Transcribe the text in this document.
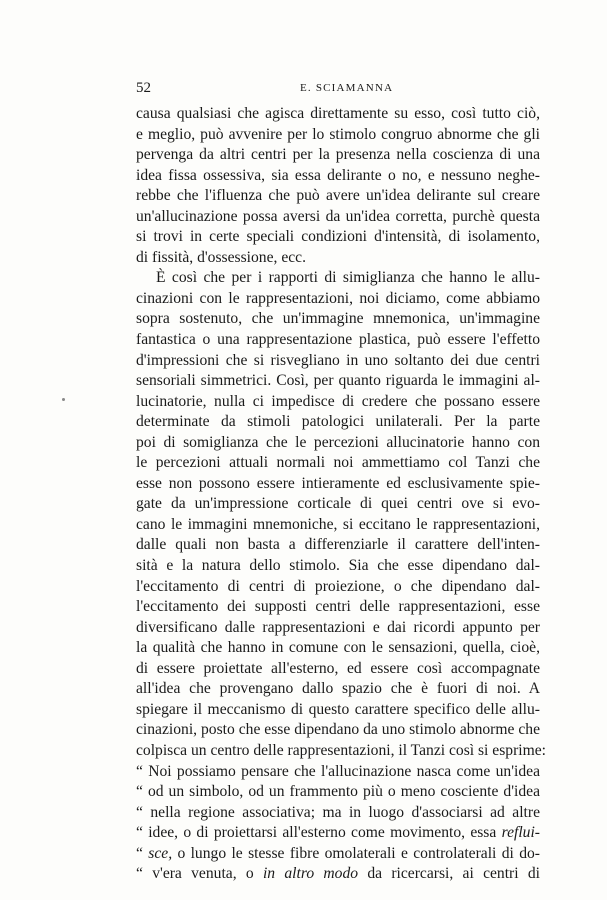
52	E. SCIAMANNA
causa qualsiasi che agisca direttamente su esso, così tutto ciò,
e meglio, può avvenire per lo stimolo congruo abnorme che gli
pervenga da altri centri per la presenza nella coscienza di una
idea fissa ossessiva, sia essa delirante o no, e nessuno neghe-
rebbe che l'ifluenza che può avere un'idea delirante sul creare
un'allucinazione possa aversi da un'idea corretta, purchè questa
si trovi in certe speciali condizioni d'intensità, di isolamento,
di fissità, d'ossessione, ecc.
È così che per i rapporti di simiglianza che hanno le allu-
cinazioni con le rappresentazioni, noi diciamo, come abbiamo
sopra sostenuto, che un'immagine mnemonica, un'immagine
fantastica o una rappresentazione plastica, può essere l'effetto
d'impressioni che si risvegliano in uno soltanto dei due centri
sensoriali simmetrici. Così, per quanto riguarda le immagini al-
lucinatorie, nulla ci impedisce di credere che possano essere
determinate da stimoli patologici unilaterali. Per la parte
poi di somiglianza che le percezioni allucinatorie hanno con
le percezioni attuali normali noi ammettiamo col Tanzi che
esse non possono essere intieramente ed esclusivamente spie-
gate da un'impressione corticale di quei centri ove si evo-
cano le immagini mnemoniche, si eccitano le rappresentazioni,
dalle quali non basta a differenziarle il carattere dell'inten-
sità e la natura dello stimolo. Sia che esse dipendano dal-
l'eccitamento di centri di proiezione, o che dipendano dal-
l'eccitamento dei supposti centri delle rappresentazioni, esse
diversificano dalle rappresentazioni e dai ricordi appunto per
la qualità che hanno in comune con le sensazioni, quella, cioè,
di essere proiettate all'esterno, ed essere così accompagnate
all'idea che provengano dallo spazio che è fuori di noi. A
spiegare il meccanismo di questo carattere specifico delle allu-
cinazioni, posto che esse dipendano da uno stimolo abnorme che
colpisca un centro delle rappresentazioni, il Tanzi così si esprime:
“ Noi possiamo pensare che l'allucinazione nasca come un'idea
“ od un simbolo, od un frammento più o meno cosciente d'idea
“ nella regione associativa; ma in luogo d'associarsi ad altre
“ idee, o di proiettarsi all'esterno come movimento, essa reflui-
“ sce, o lungo le stesse fibre omolaterali e controlaterali di do-
“ v'era venuta, o in altro modo da ricercarsi, ai centri di
